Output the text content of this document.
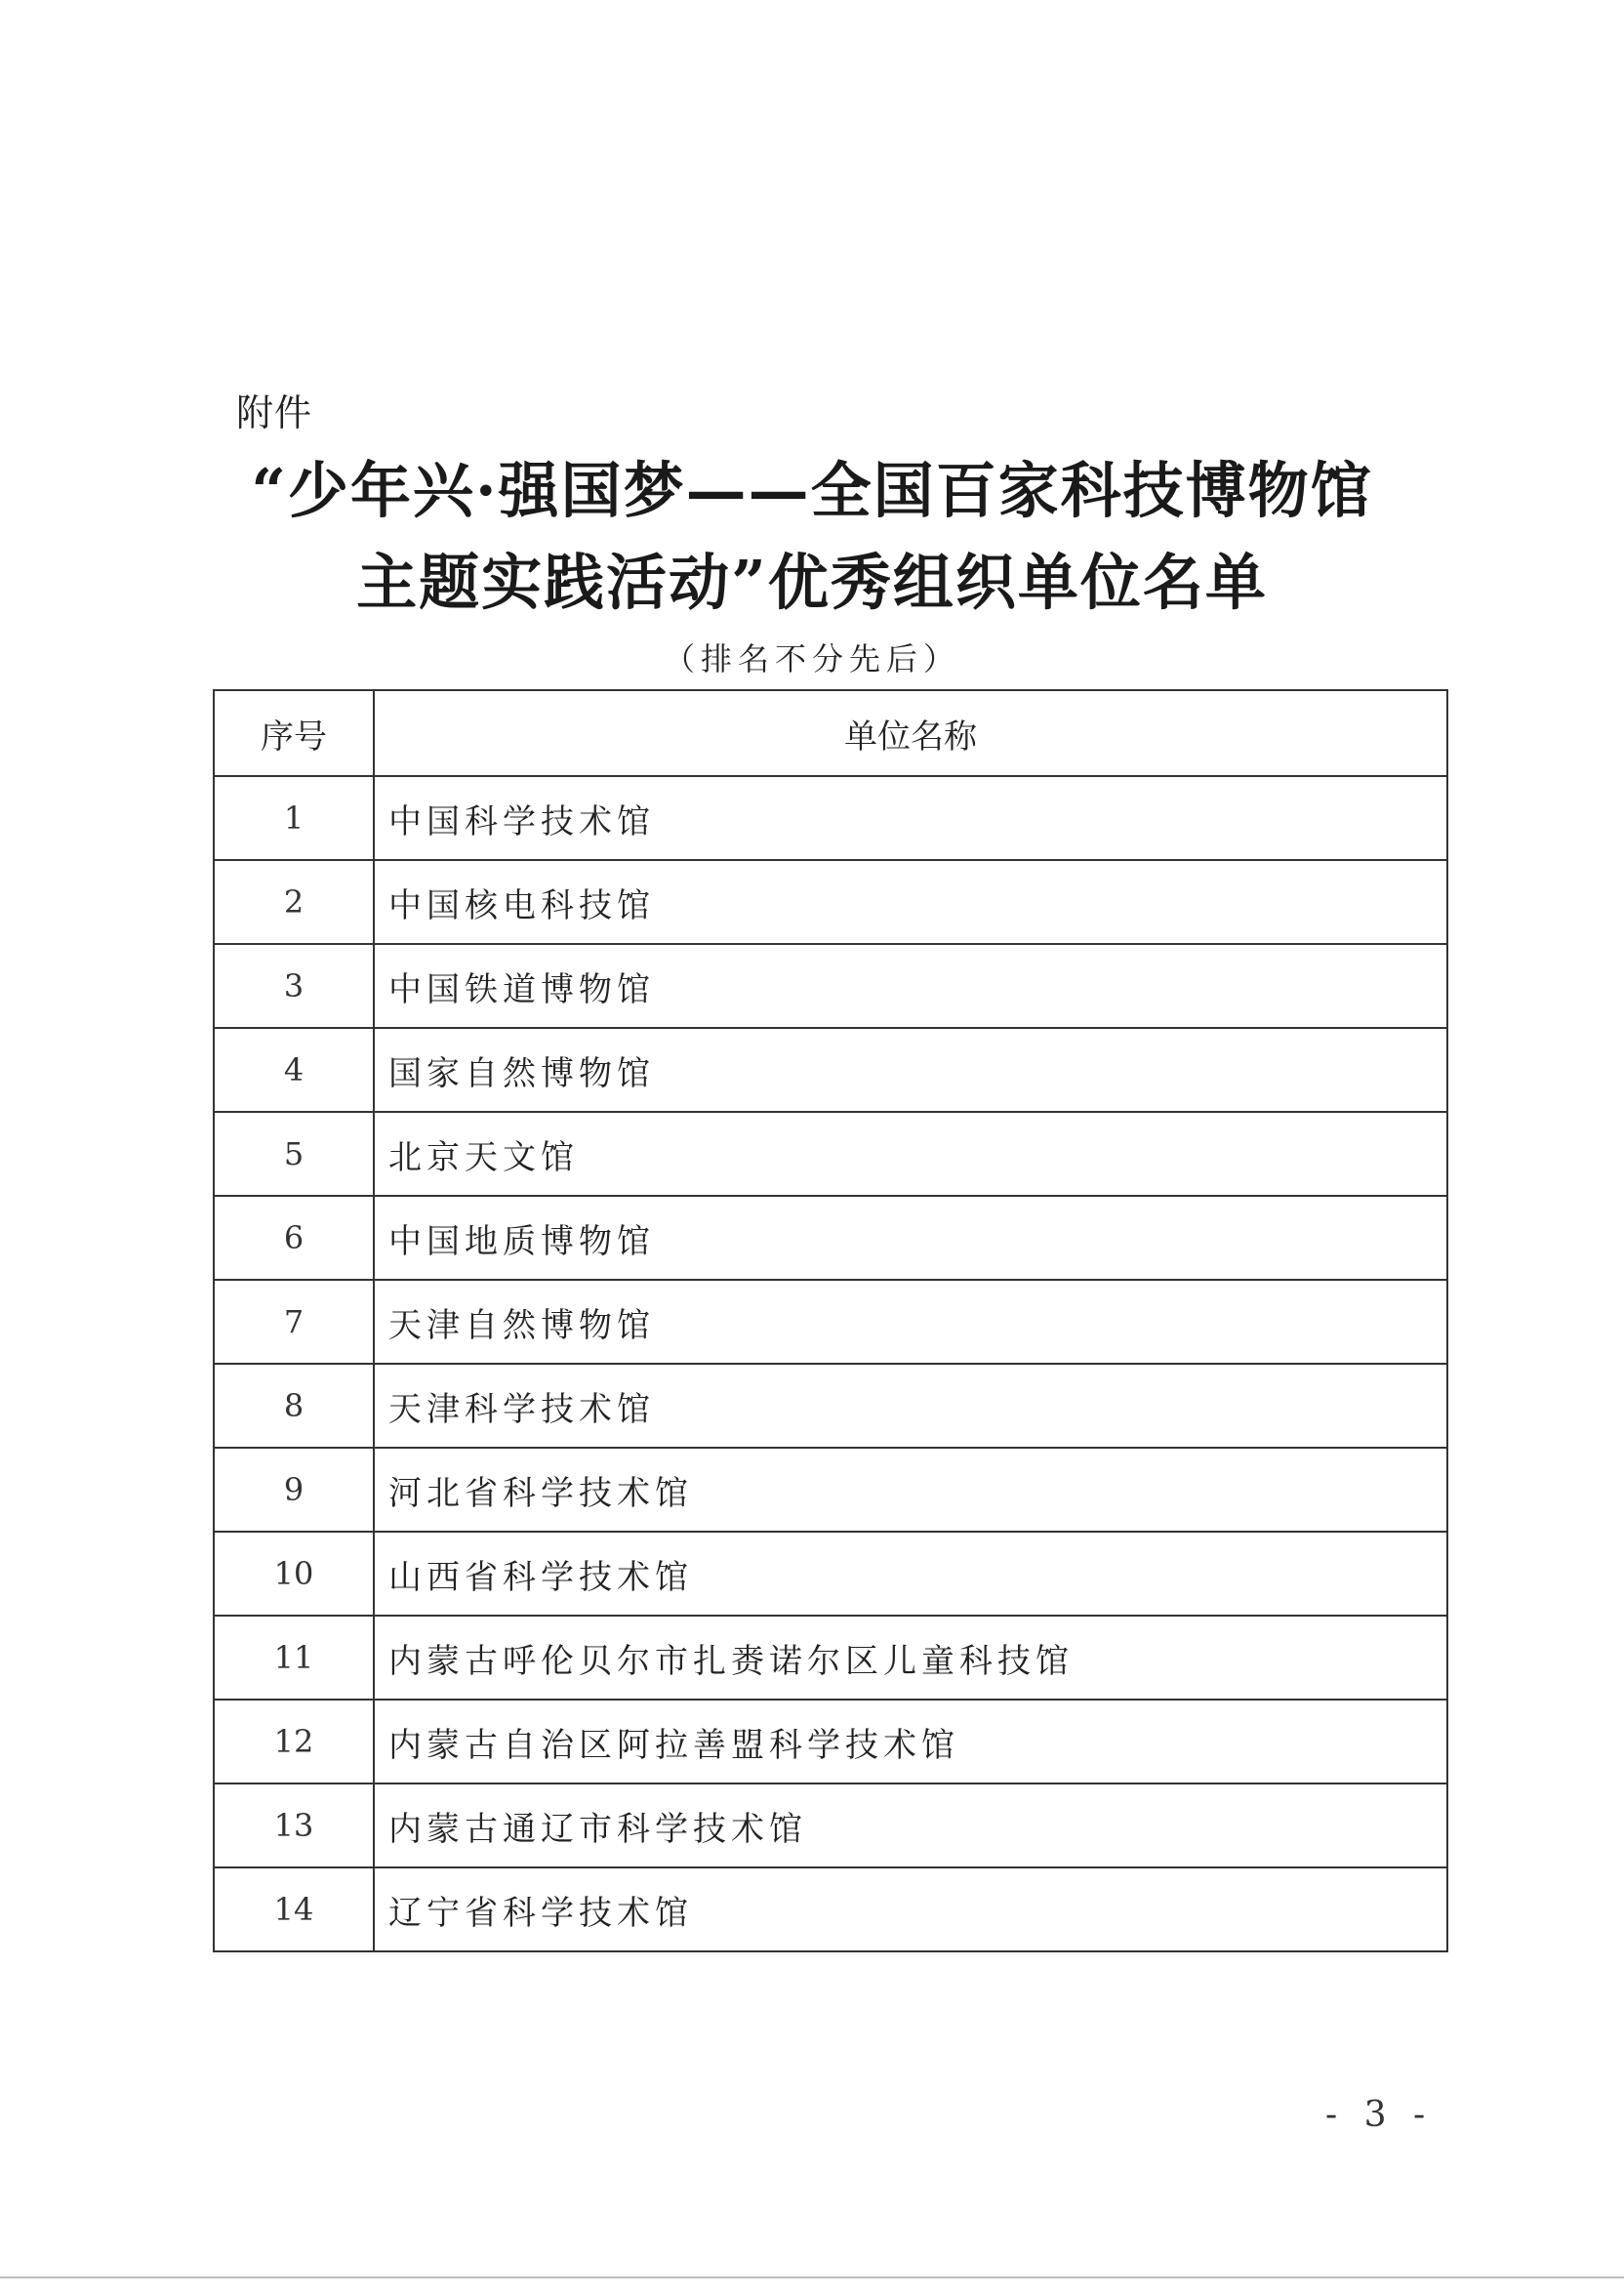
附件
“少年兴·强国梦——全国百家科技博物馆
主题实践活动”优秀组织单位名单
（排名不分先后）
序号	单位名称
1	中国科学技术馆
2	中国核电科技馆
3	中国铁道博物馆
4	国家自然博物馆
5	北京天文馆
6	中国地质博物馆
7	天津自然博物馆
8	天津科学技术馆
9	河北省科学技术馆
10	山西省科学技术馆
11	内蒙古呼伦贝尔市扎赉诺尔区儿童科技馆
12	内蒙古自治区阿拉善盟科学技术馆
13	内蒙古通辽市科学技术馆
14	辽宁省科学技术馆
- 3 -
